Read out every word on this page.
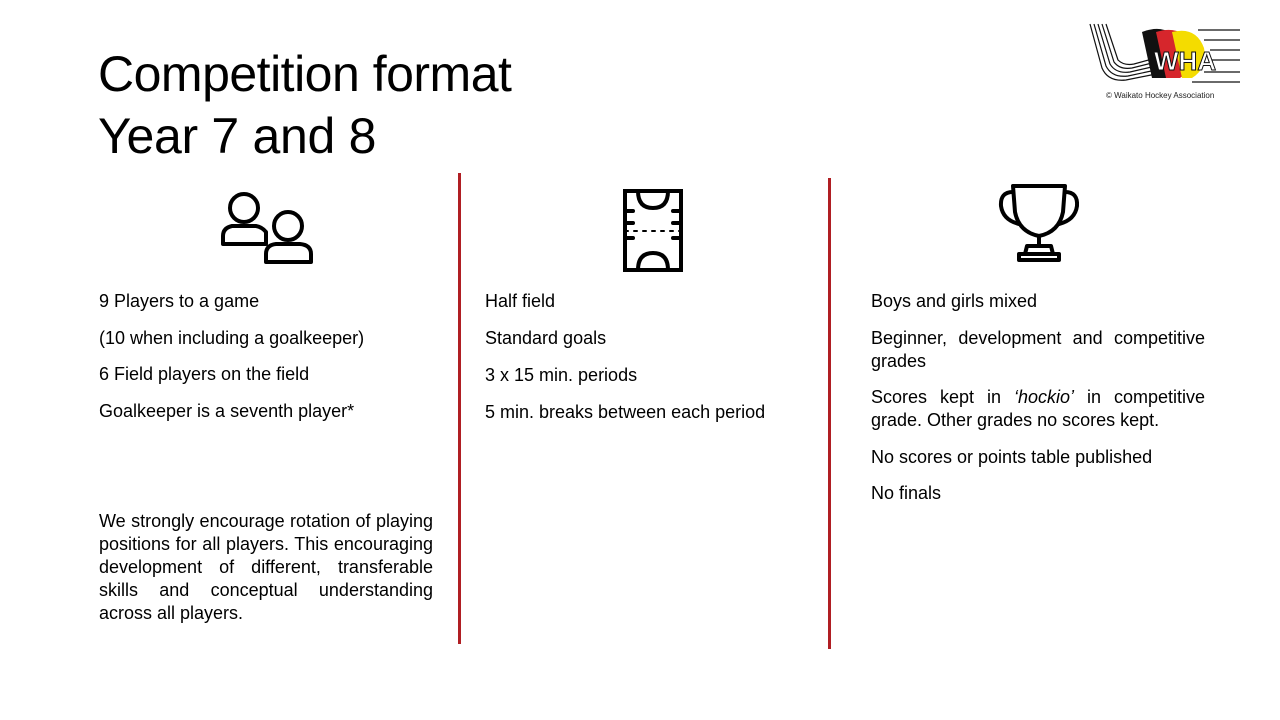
Competition format
Year 7 and 8
WHA
© Waikato Hockey Association

9 Players to a game

(10 when including a goalkeeper)

6 Field players on the field

Goalkeeper is a seventh player*

We strongly encourage rotation of playing positions for all players. This encouraging development of different, transferable skills and conceptual understanding across all players.

Half field

Standard goals

3 x 15 min. periods

5 min. breaks between each period

Boys and girls mixed

Beginner, development and competitive grades

Scores kept in ‘hockio’ in competitive grade. Other grades no scores kept.

No scores or points table published

No finals
